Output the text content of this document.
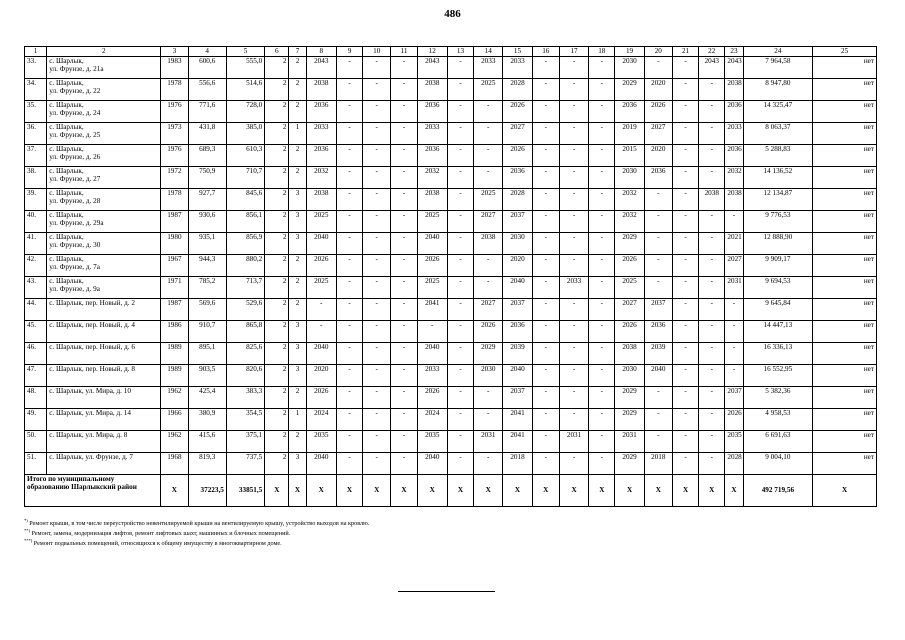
486
1	2	3	4	5	6	7	8	9	10	11	12	13	14	15	16	17	18	19	20	21	22	23	24	25
33.	с. Шарлык,
ул. Фрунзе, д. 21а	1983	600,6	555,0	2	2	2043	-	-	-	2043	-	2033	2033	-	-	-	2030	-	-	2043	2043	7 964,58	нет
34.	с. Шарлык,
ул. Фрунзе, д. 22	1978	556,6	514,6	2	2	2038	-	-	-	2038	-	2025	2028	-	-	-	2029	2020	-	-	2038	8 947,80	нет
35.	с. Шарлык,
ул. Фрунзе, д. 24	1976	771,6	728,0	2	2	2036	-	-	-	2036	-	-	2026	-	-	-	2036	2026	-	-	2036	14 325,47	нет
36.	с. Шарлык,
ул. Фрунзе, д. 25	1973	431,8	385,0	2	1	2033	-	-	-	2033	-	-	2027	-	-	-	2019	2027	-	-	2033	8 063,37	нет
37.	с. Шарлык,
ул. Фрунзе, д. 26	1976	689,3	610,3	2	2	2036	-	-	-	2036	-	-	2026	-	-	-	2015	2020	-	-	2036	5 288,83	нет
38.	с. Шарлык,
ул. Фрунзе, д. 27	1972	750,9	710,7	2	2	2032	-	-	-	2032	-	-	2036	-	-	-	2030	2036	-	-	2032	14 136,52	нет
39.	с. Шарлык,
ул. Фрунзе, д. 28	1978	927,7	845,6	2	3	2038	-	-	-	2038	-	2025	2028	-	-	-	2032	-	-	2038	2038	12 134,87	нет
40.	с. Шарлык,
ул. Фрунзе, д. 29а	1987	930,6	856,1	2	3	2025	-	-	-	2025	-	2027	2037	-	-	-	2032	-	-	-	-	9 776,53	нет
41.	с. Шарлык,
ул. Фрунзе, д. 30	1980	935,1	856,9	2	3	2040	-	-	-	2040	-	2038	2030	-	-	-	2029	-	-	-	2021	12 888,90	нет
42.	с. Шарлык,
ул. Фрунзе, д. 7а	1967	944,3	880,2	2	2	2026	-	-	-	2026	-	-	2020	-	-	-	2026	-	-	-	2027	9 909,17	нет
43.	с. Шарлык,
ул. Фрунзе, д. 9а	1971	785,2	713,7	2	2	2025	-	-	-	2025	-	-	2040	-	2033	-	2025	-	-	-	2031	9 694,53	нет
44.	с. Шарлык, пер. Новый, д. 2	1987	569,6	529,6	2	2	-	-	-	-	2041	-	2027	2037	-	-	-	2027	2037	-	-	-	9 645,84	нет
45.	с. Шарлык, пер. Новый, д. 4	1986	910,7	865,8	2	3	-	-	-	-	-	-	2026	2036	-	-	-	2026	2036	-	-	-	14 447,13	нет
46.	с. Шарлык, пер. Новый, д. 6	1989	895,1	825,6	2	3	2040	-	-	-	2040	-	2029	2039	-	-	-	2038	2039	-	-	-	16 336,13	нет
47.	с. Шарлык, пер. Новый, д. 8	1989	903,5	820,6	2	3	2020	-	-	-	2033	-	2030	2040	-	-	-	2030	2040	-	-	-	16 552,95	нет
48.	с. Шарлык, ул. Мира, д. 10	1962	425,4	383,3	2	2	2026	-	-	-	2026	-	-	2037	-	-	-	2029	-	-	-	2037	5 382,36	нет
49.	с. Шарлык, ул. Мира, д. 14	1966	380,9	354,5	2	1	2024	-	-	-	2024	-	-	2041	-	-	-	2029	-	-	-	2026	4 958,53	нет
50.	с. Шарлык, ул. Мира, д. 8	1962	415,6	375,1	2	2	2035	-	-	-	2035	-	2031	2041	-	2031	-	2031	-	-	-	2035	6 691,63	нет
51.	с. Шарлык, ул. Фрунзе, д. 7	1968	819,3	737,5	2	3	2040	-	-	-	2040	-	-	2018	-	-	-	2029	2018	-	-	2028	9 004,10	нет
Итого по муниципальному образованию Шарлыкский район		Х	37223,5	33851,5	Х	Х	Х	Х	Х	Х	Х	Х	Х	Х	Х	Х	Х	Х	Х	Х	Х	Х	492 719,56	Х
*) Ремонт крыши, в том числе переустройство невентилируемой крыши на вентилируемую крышу, устройство выходов на кровлю.
**) Ремонт, замена, модернизация лифтов, ремонт лифтовых шахт, машинных и блочных помещений.
***) Ремонт подвальных помещений, относящихся к общему имуществу в многоквартирном доме.
